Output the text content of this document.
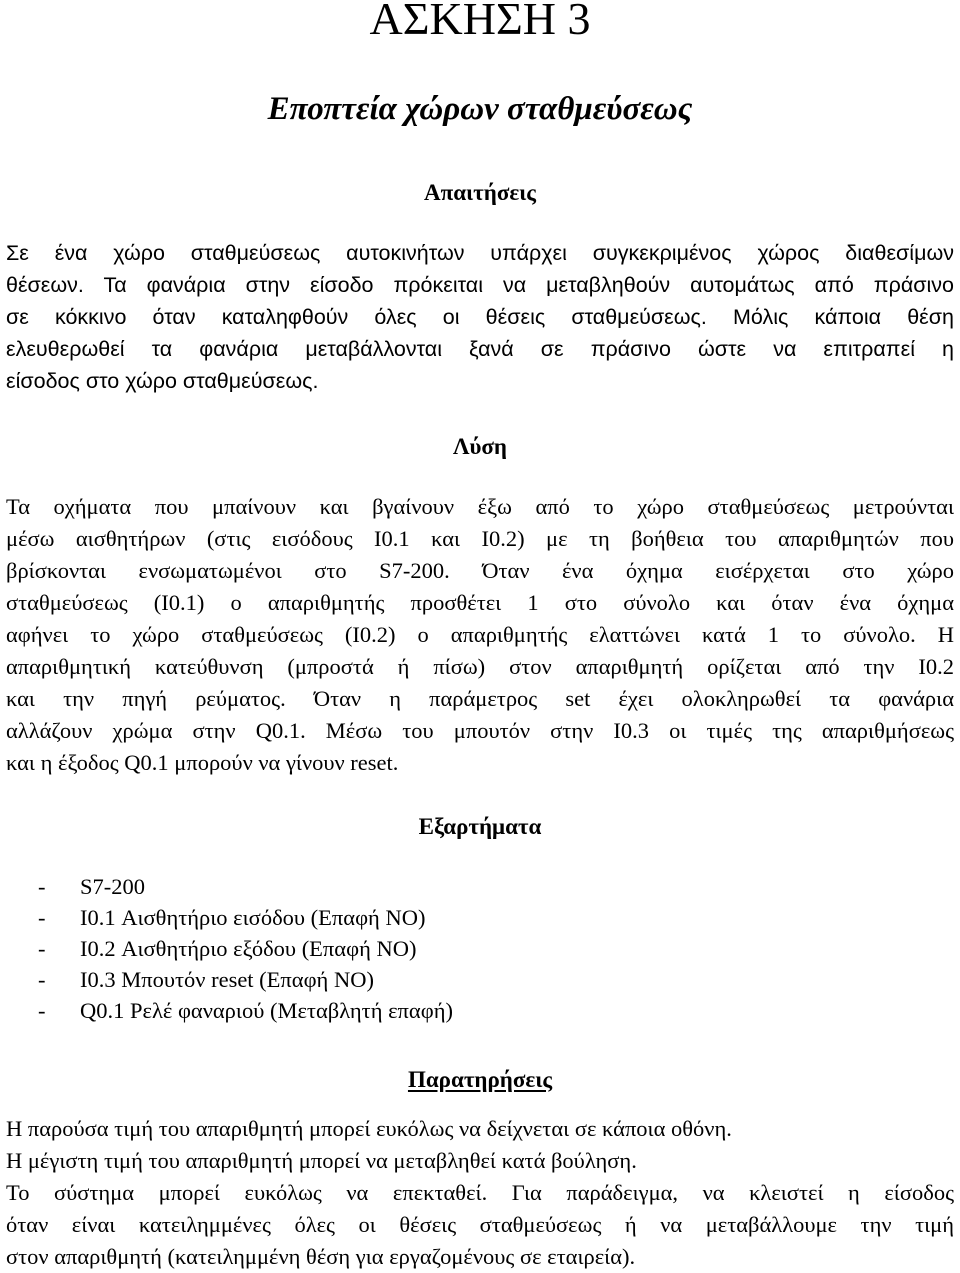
ΑΣΚΗΣΗ 3
Εποπτεία χώρων σταθμεύσεως
Απαιτήσεις
Σε ένα χώρο σταθμεύσεως αυτοκινήτων υπάρχει συγκεκριμένος χώρος διαθεσίμων
θέσεων. Τα φανάρια στην είσοδο πρόκειται να μεταβληθούν αυτομάτως από πράσινο
σε κόκκινο όταν καταληφθούν όλες οι θέσεις σταθμεύσεως. Μόλις κάποια θέση
ελευθερωθεί τα φανάρια μεταβάλλονται ξανά σε πράσινο ώστε να επιτραπεί η
είσοδος στο χώρο σταθμεύσεως.
Λύση
Τα οχήματα που μπαίνουν και βγαίνουν έξω από το χώρο σταθμεύσεως μετρούνται
μέσω αισθητήρων (στις εισόδους I0.1 και I0.2) με τη βοήθεια του απαριθμητών που
βρίσκονται ενσωματωμένοι στο S7-200. Όταν ένα όχημα εισέρχεται στο χώρο
σταθμεύσεως (I0.1) ο απαριθμητής προσθέτει 1 στο σύνολο και όταν ένα όχημα
αφήνει το χώρο σταθμεύσεως (I0.2) ο απαριθμητής ελαττώνει κατά 1 το σύνολο. Η
απαριθμητική κατεύθυνση (μπροστά ή πίσω) στον απαριθμητή ορίζεται από την I0.2
και την πηγή ρεύματος. Όταν η παράμετρος set έχει ολοκληρωθεί τα φανάρια
αλλάζουν χρώμα στην Q0.1. Μέσω του μπουτόν στην I0.3 οι τιμές της απαριθμήσεως
και η έξοδος Q0.1 μπορούν να γίνουν reset.
Εξαρτήματα
- S7-200
- I0.1 Αισθητήριο εισόδου (Επαφή NO)
- I0.2 Αισθητήριο εξόδου (Επαφή NO)
- I0.3 Μπουτόν reset (Επαφή NO)
- Q0.1 Ρελέ φαναριού (Μεταβλητή επαφή)
Παρατηρήσεις
Η παρούσα τιμή του απαριθμητή μπορεί ευκόλως να δείχνεται σε κάποια οθόνη.
Η μέγιστη τιμή του απαριθμητή μπορεί να μεταβληθεί κατά βούληση.
Το σύστημα μπορεί ευκόλως να επεκταθεί. Για παράδειγμα, να κλειστεί η είσοδος
όταν είναι κατειλημμένες όλες οι θέσεις σταθμεύσεως ή να μεταβάλλουμε την τιμή
στον απαριθμητή (κατειλημμένη θέση για εργαζομένους σε εταιρεία).
